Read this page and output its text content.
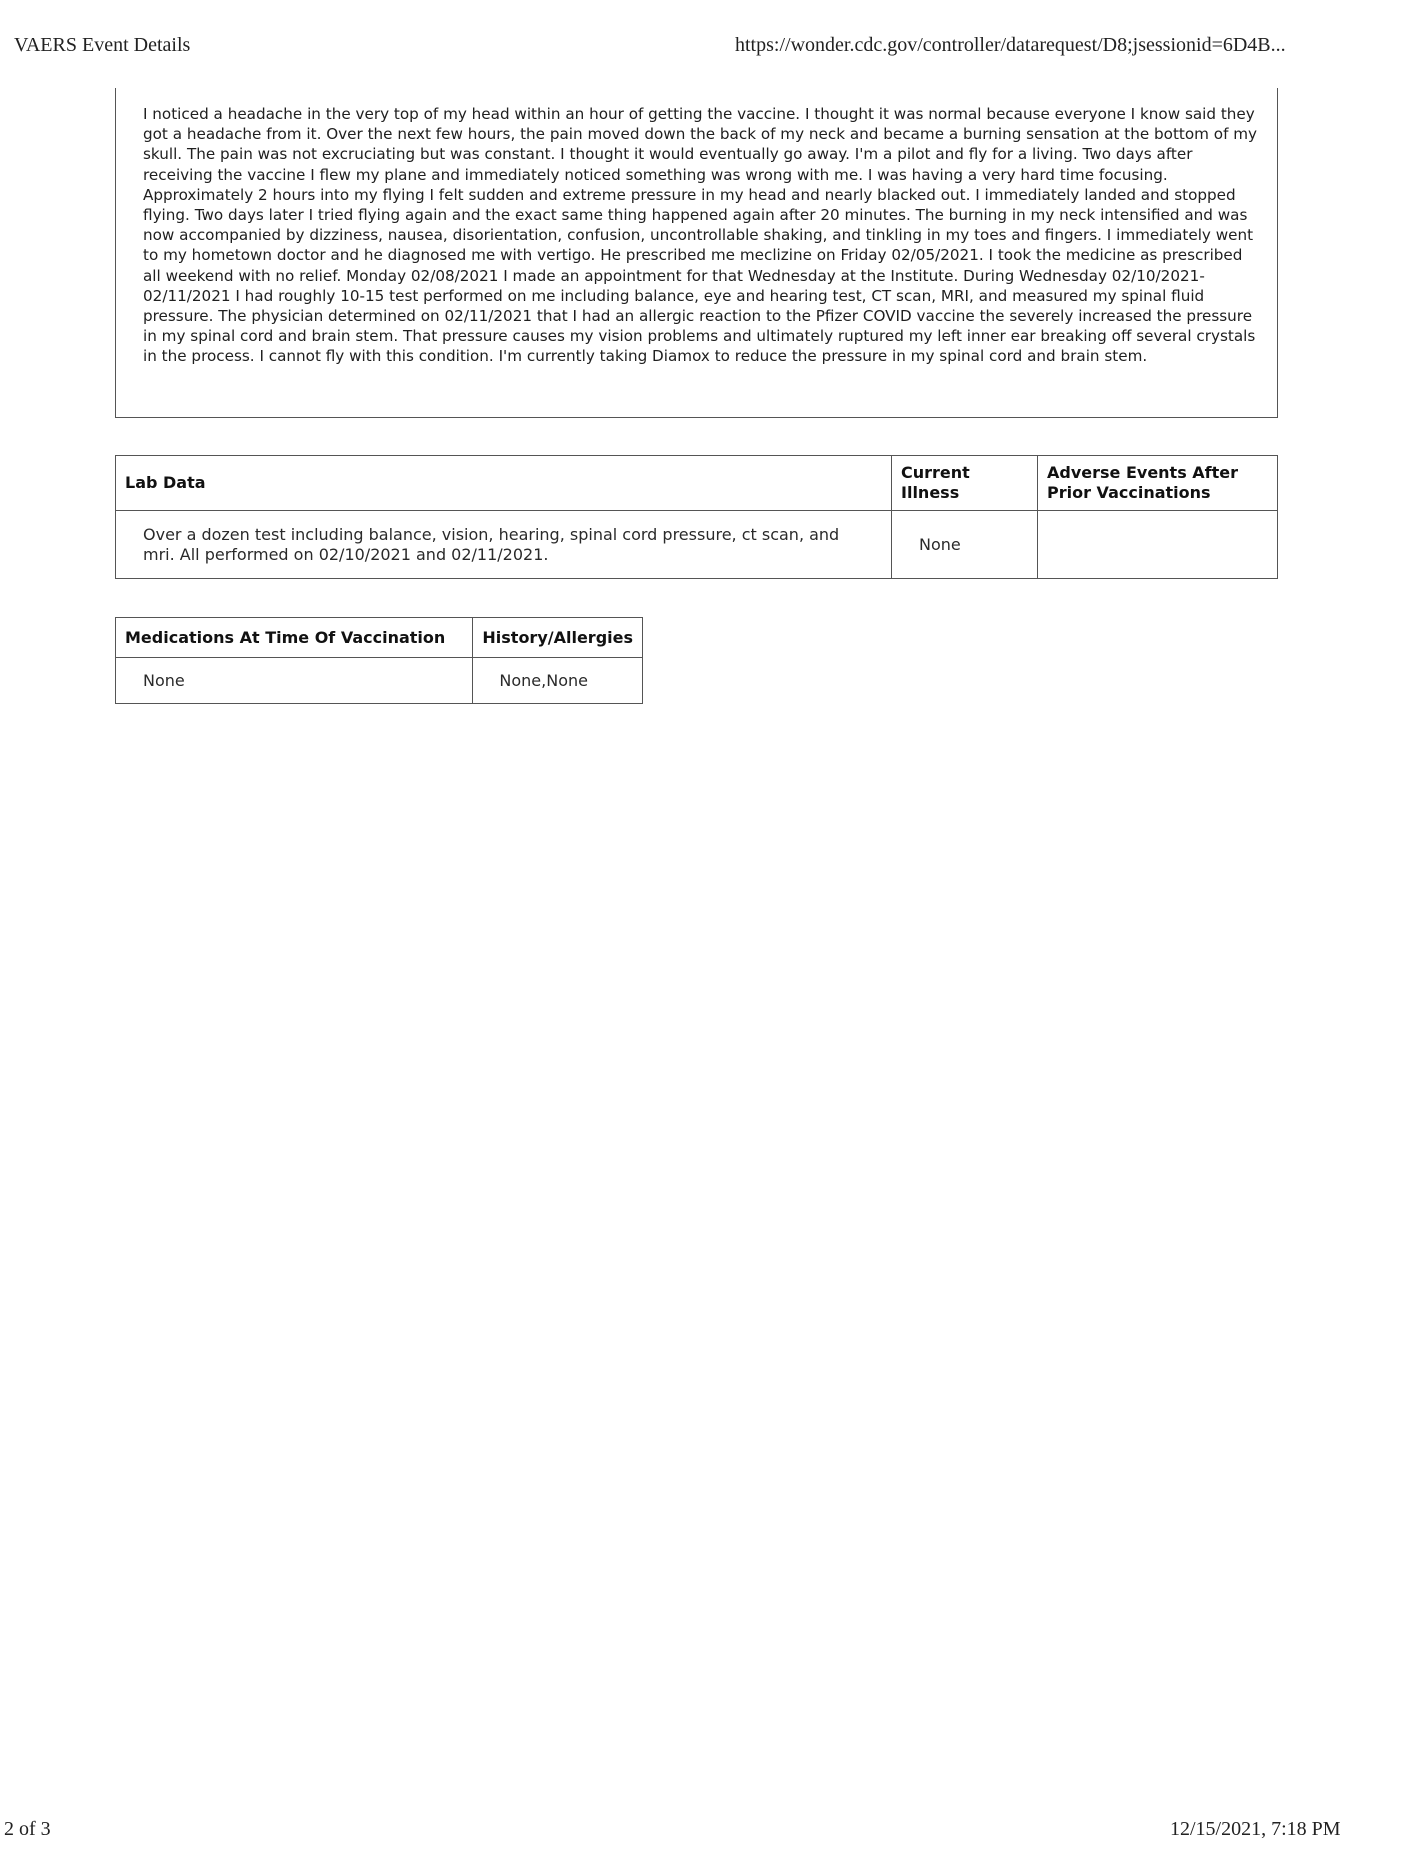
VAERS Event Details	https://wonder.cdc.gov/controller/datarequest/D8;jsessionid=6D4B...

I noticed a headache in the very top of my head within an hour of getting the vaccine. I thought it was normal because everyone I know said they got a headache from it. Over the next few hours, the pain moved down the back of my neck and became a burning sensation at the bottom of my skull. The pain was not excruciating but was constant. I thought it would eventually go away. I'm a pilot and fly for a living. Two days after receiving the vaccine I flew my plane and immediately noticed something was wrong with me. I was having a very hard time focusing. Approximately 2 hours into my flying I felt sudden and extreme pressure in my head and nearly blacked out. I immediately landed and stopped flying. Two days later I tried flying again and the exact same thing happened again after 20 minutes. The burning in my neck intensified and was now accompanied by dizziness, nausea, disorientation, confusion, uncontrollable shaking, and tinkling in my toes and fingers. I immediately went to my hometown doctor and he diagnosed me with vertigo. He prescribed me meclizine on Friday 02/05/2021. I took the medicine as prescribed all weekend with no relief. Monday 02/08/2021 I made an appointment for that Wednesday at the Institute. During Wednesday 02/10/2021-02/11/2021 I had roughly 10-15 test performed on me including balance, eye and hearing test, CT scan, MRI, and measured my spinal fluid pressure. The physician determined on 02/11/2021 that I had an allergic reaction to the Pfizer COVID vaccine the severely increased the pressure in my spinal cord and brain stem. That pressure causes my vision problems and ultimately ruptured my left inner ear breaking off several crystals in the process. I cannot fly with this condition. I'm currently taking Diamox to reduce the pressure in my spinal cord and brain stem.

Lab Data	Current Illness	Adverse Events After Prior Vaccinations
Over a dozen test including balance, vision, hearing, spinal cord pressure, ct scan, and mri. All performed on 02/10/2021 and 02/11/2021.	None	
Medications At Time Of Vaccination	History/Allergies
None	None,None
2 of 3	12/15/2021, 7:18 PM
